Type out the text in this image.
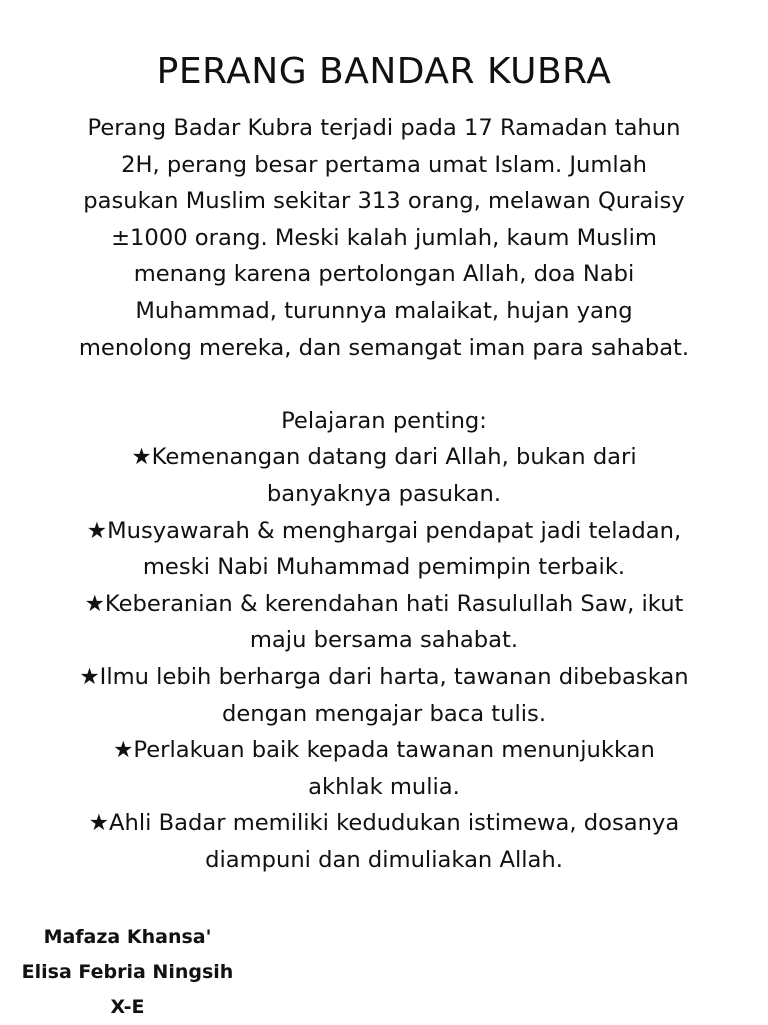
PERANG BANDAR KUBRA
Perang Badar Kubra terjadi pada 17 Ramadan tahun
2H, perang besar pertama umat Islam. Jumlah
pasukan Muslim sekitar 313 orang, melawan Quraisy
±1000 orang. Meski kalah jumlah, kaum Muslim
menang karena pertolongan Allah, doa Nabi
Muhammad, turunnya malaikat, hujan yang
menolong mereka, dan semangat iman para sahabat.
Pelajaran penting:
★Kemenangan datang dari Allah, bukan dari
banyaknya pasukan.
★Musyawarah & menghargai pendapat jadi teladan,
meski Nabi Muhammad pemimpin terbaik.
★Keberanian & kerendahan hati Rasulullah Saw, ikut
maju bersama sahabat.
★Ilmu lebih berharga dari harta, tawanan dibebaskan
dengan mengajar baca tulis.
★Perlakuan baik kepada tawanan menunjukkan
akhlak mulia.
★Ahli Badar memiliki kedudukan istimewa, dosanya
diampuni dan dimuliakan Allah.
Mafaza Khansa'
Elisa Febria Ningsih
X-E
